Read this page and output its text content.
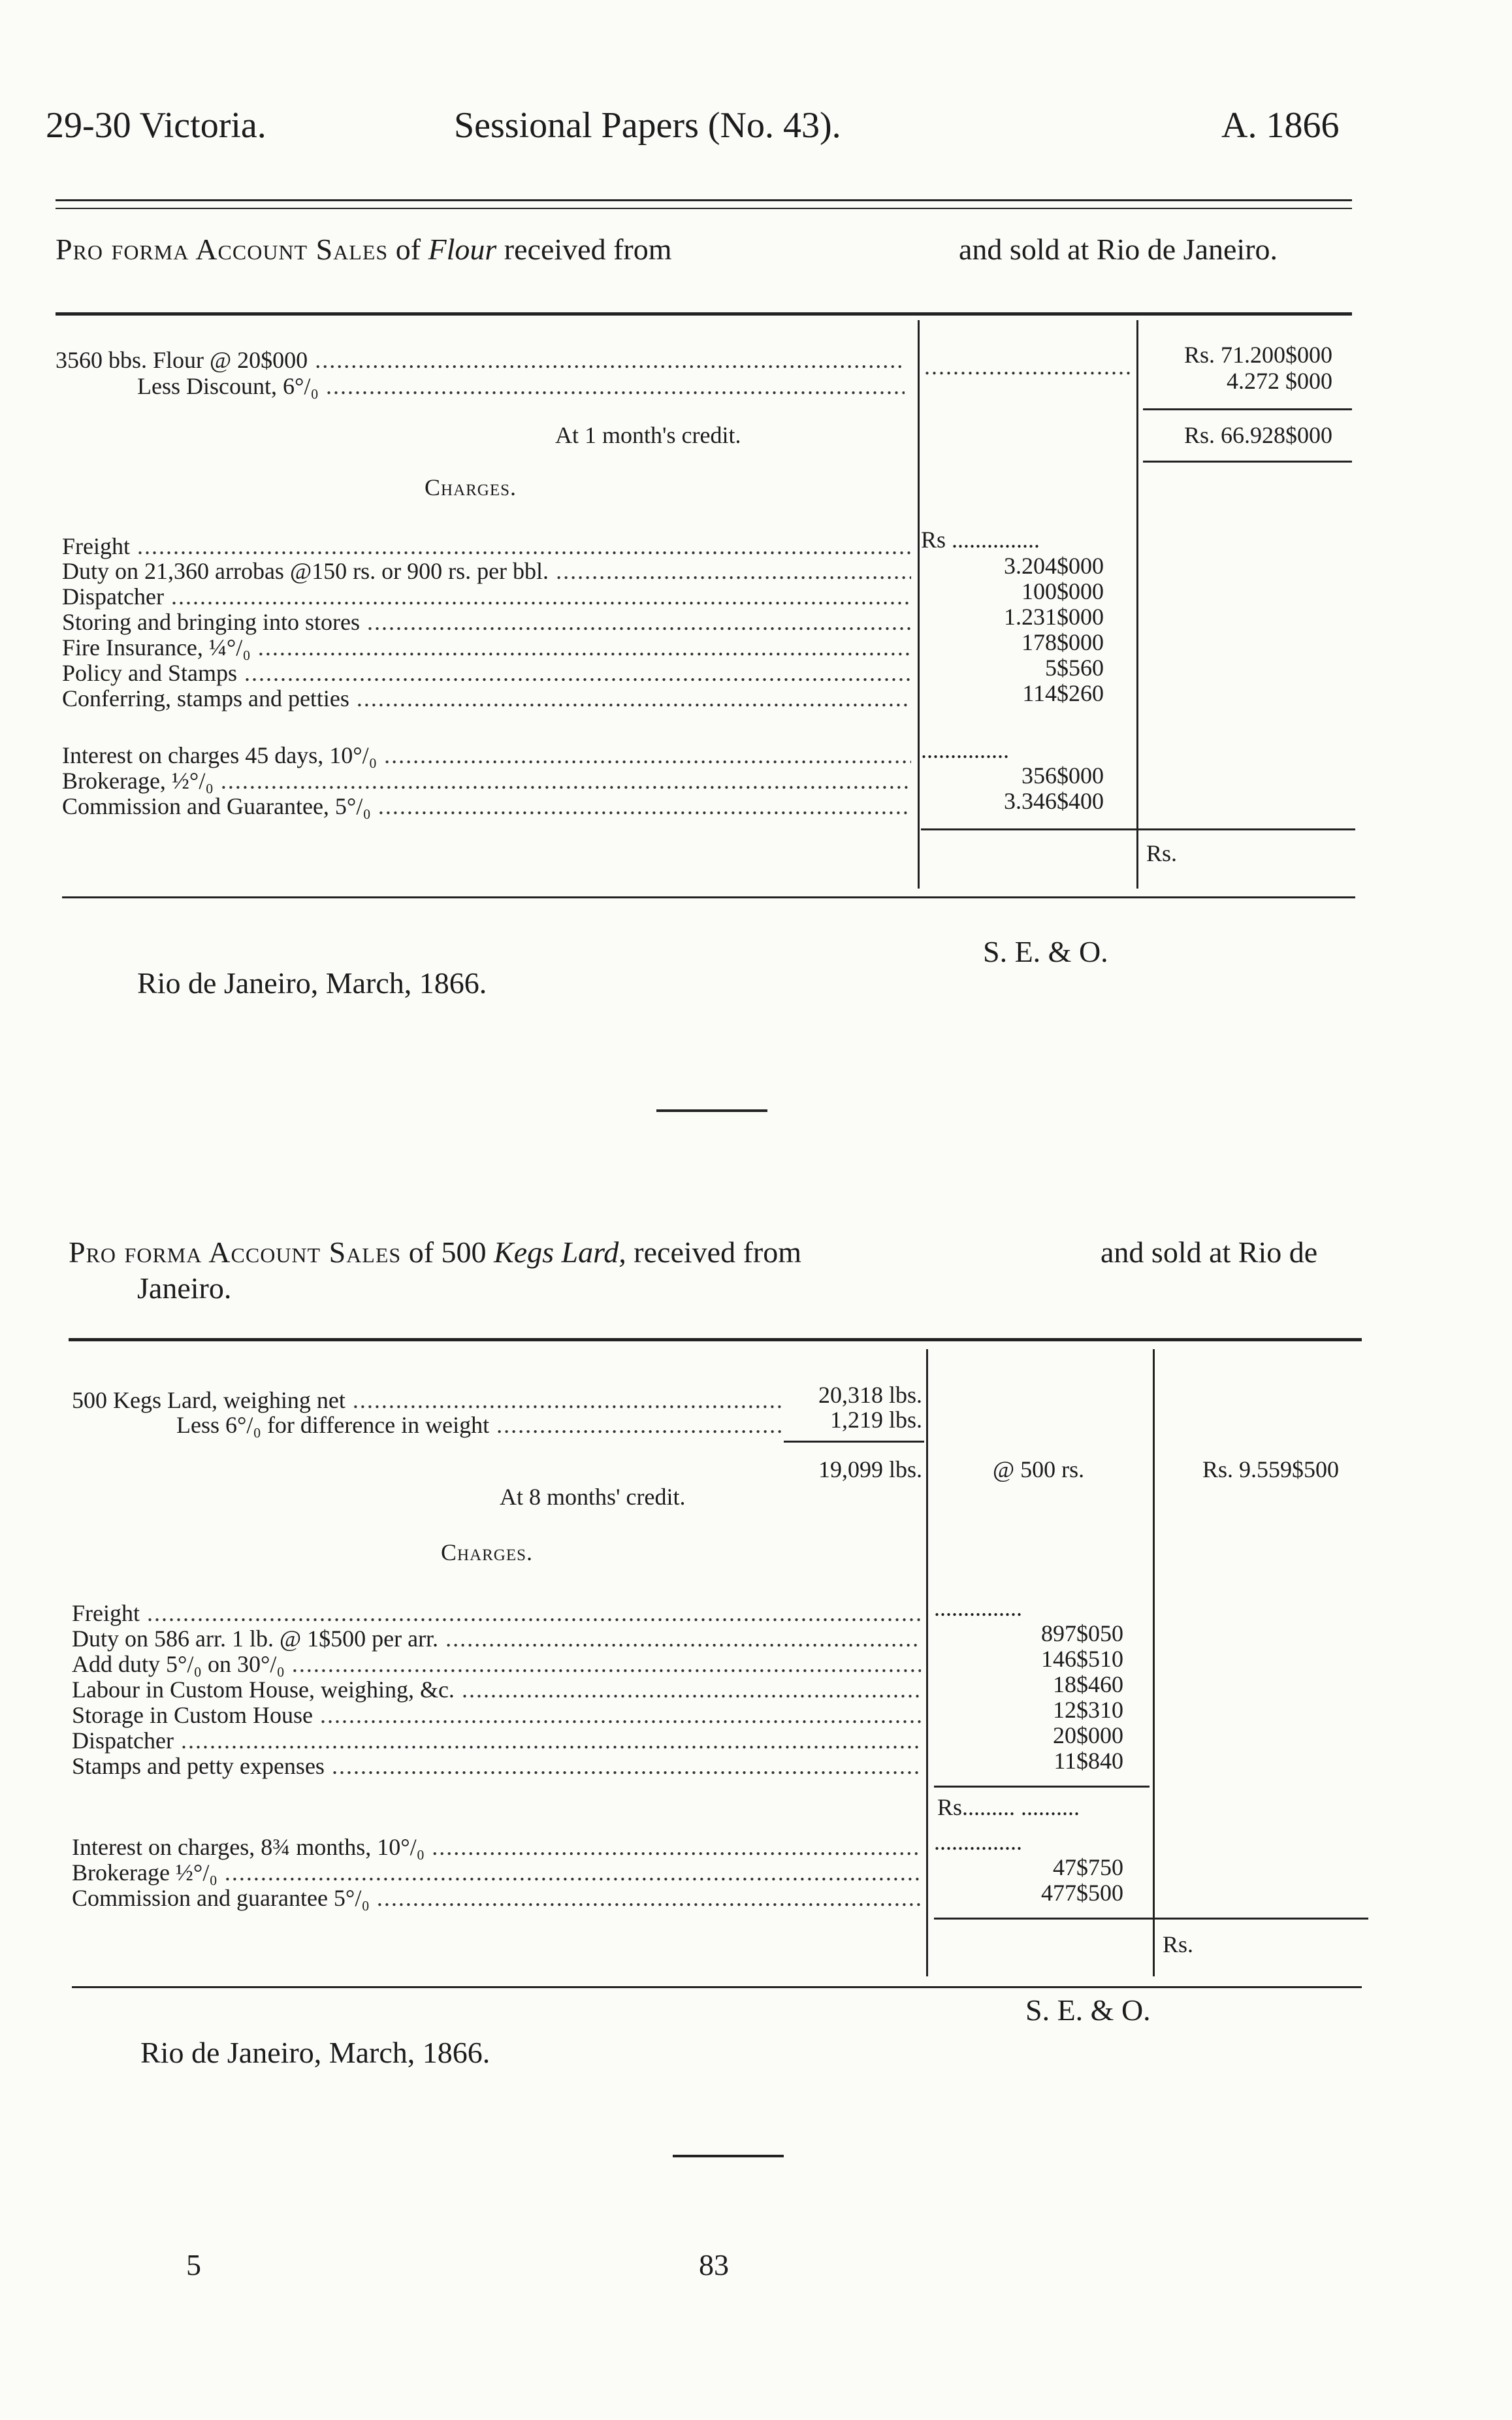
29-30 Victoria.	Sessional Papers (No. 43).	A. 1866
Pro forma Account Sales of Flour received from	and sold at Rio de Janeiro.
3560 bbs. Flour @ 20$000 .....	Rs. 71.200$000
Less Discount, 6°/₀ .....	4.272 $000
.....
At 1 month's credit.	Rs. 66.928$000
Charges.
Freight .....	Rs ...............
Duty on 21,360 arrobas @150 rs. or 900 rs. per bbl. .....	3.204$000
Dispatcher .....	100$000
Storing and bringing into stores .....	1.231$000
Fire Insurance, ¼°/₀ .....	178$000
Policy and Stamps .....	5$560
Conferring, stamps and petties .....	114$260
Interest on charges 45 days, 10°/₀ .....	...............
Brokerage, ½°/₀ .....	356$000
Commission and Guarantee, 5°/₀ .....	3.346$400
Rs.
S. E. & O.
Rio de Janeiro, March, 1866.
Pro forma Account Sales of 500 Kegs Lard, received from	and sold at Rio de
Janeiro.
500 Kegs Lard, weighing net .....	20,318 lbs.
Less 6°/₀ for difference in weight .....	1,219 lbs.
19,099 lbs.	@ 500 rs.	Rs. 9.559$500
At 8 months' credit.
Charges.
Freight .....	...............
Duty on 586 arr. 1 lb. @ 1$500 per arr. .....	897$050
Add duty 5°/₀ on 30°/₀ .....	146$510
Labour in Custom House, weighing, &c. .....	18$460
Storage in Custom House .....	12$310
Dispatcher .....	20$000
Stamps and petty expenses .....	11$840
Rs......... ..........
Interest on charges, 8¾ months, 10°/₀ .....	...............
Brokerage ½°/₀ .....	47$750
Commission and guarantee 5°/₀ .....	477$500
Rs.
S. E. & O.
Rio de Janeiro, March, 1866.
5	83
